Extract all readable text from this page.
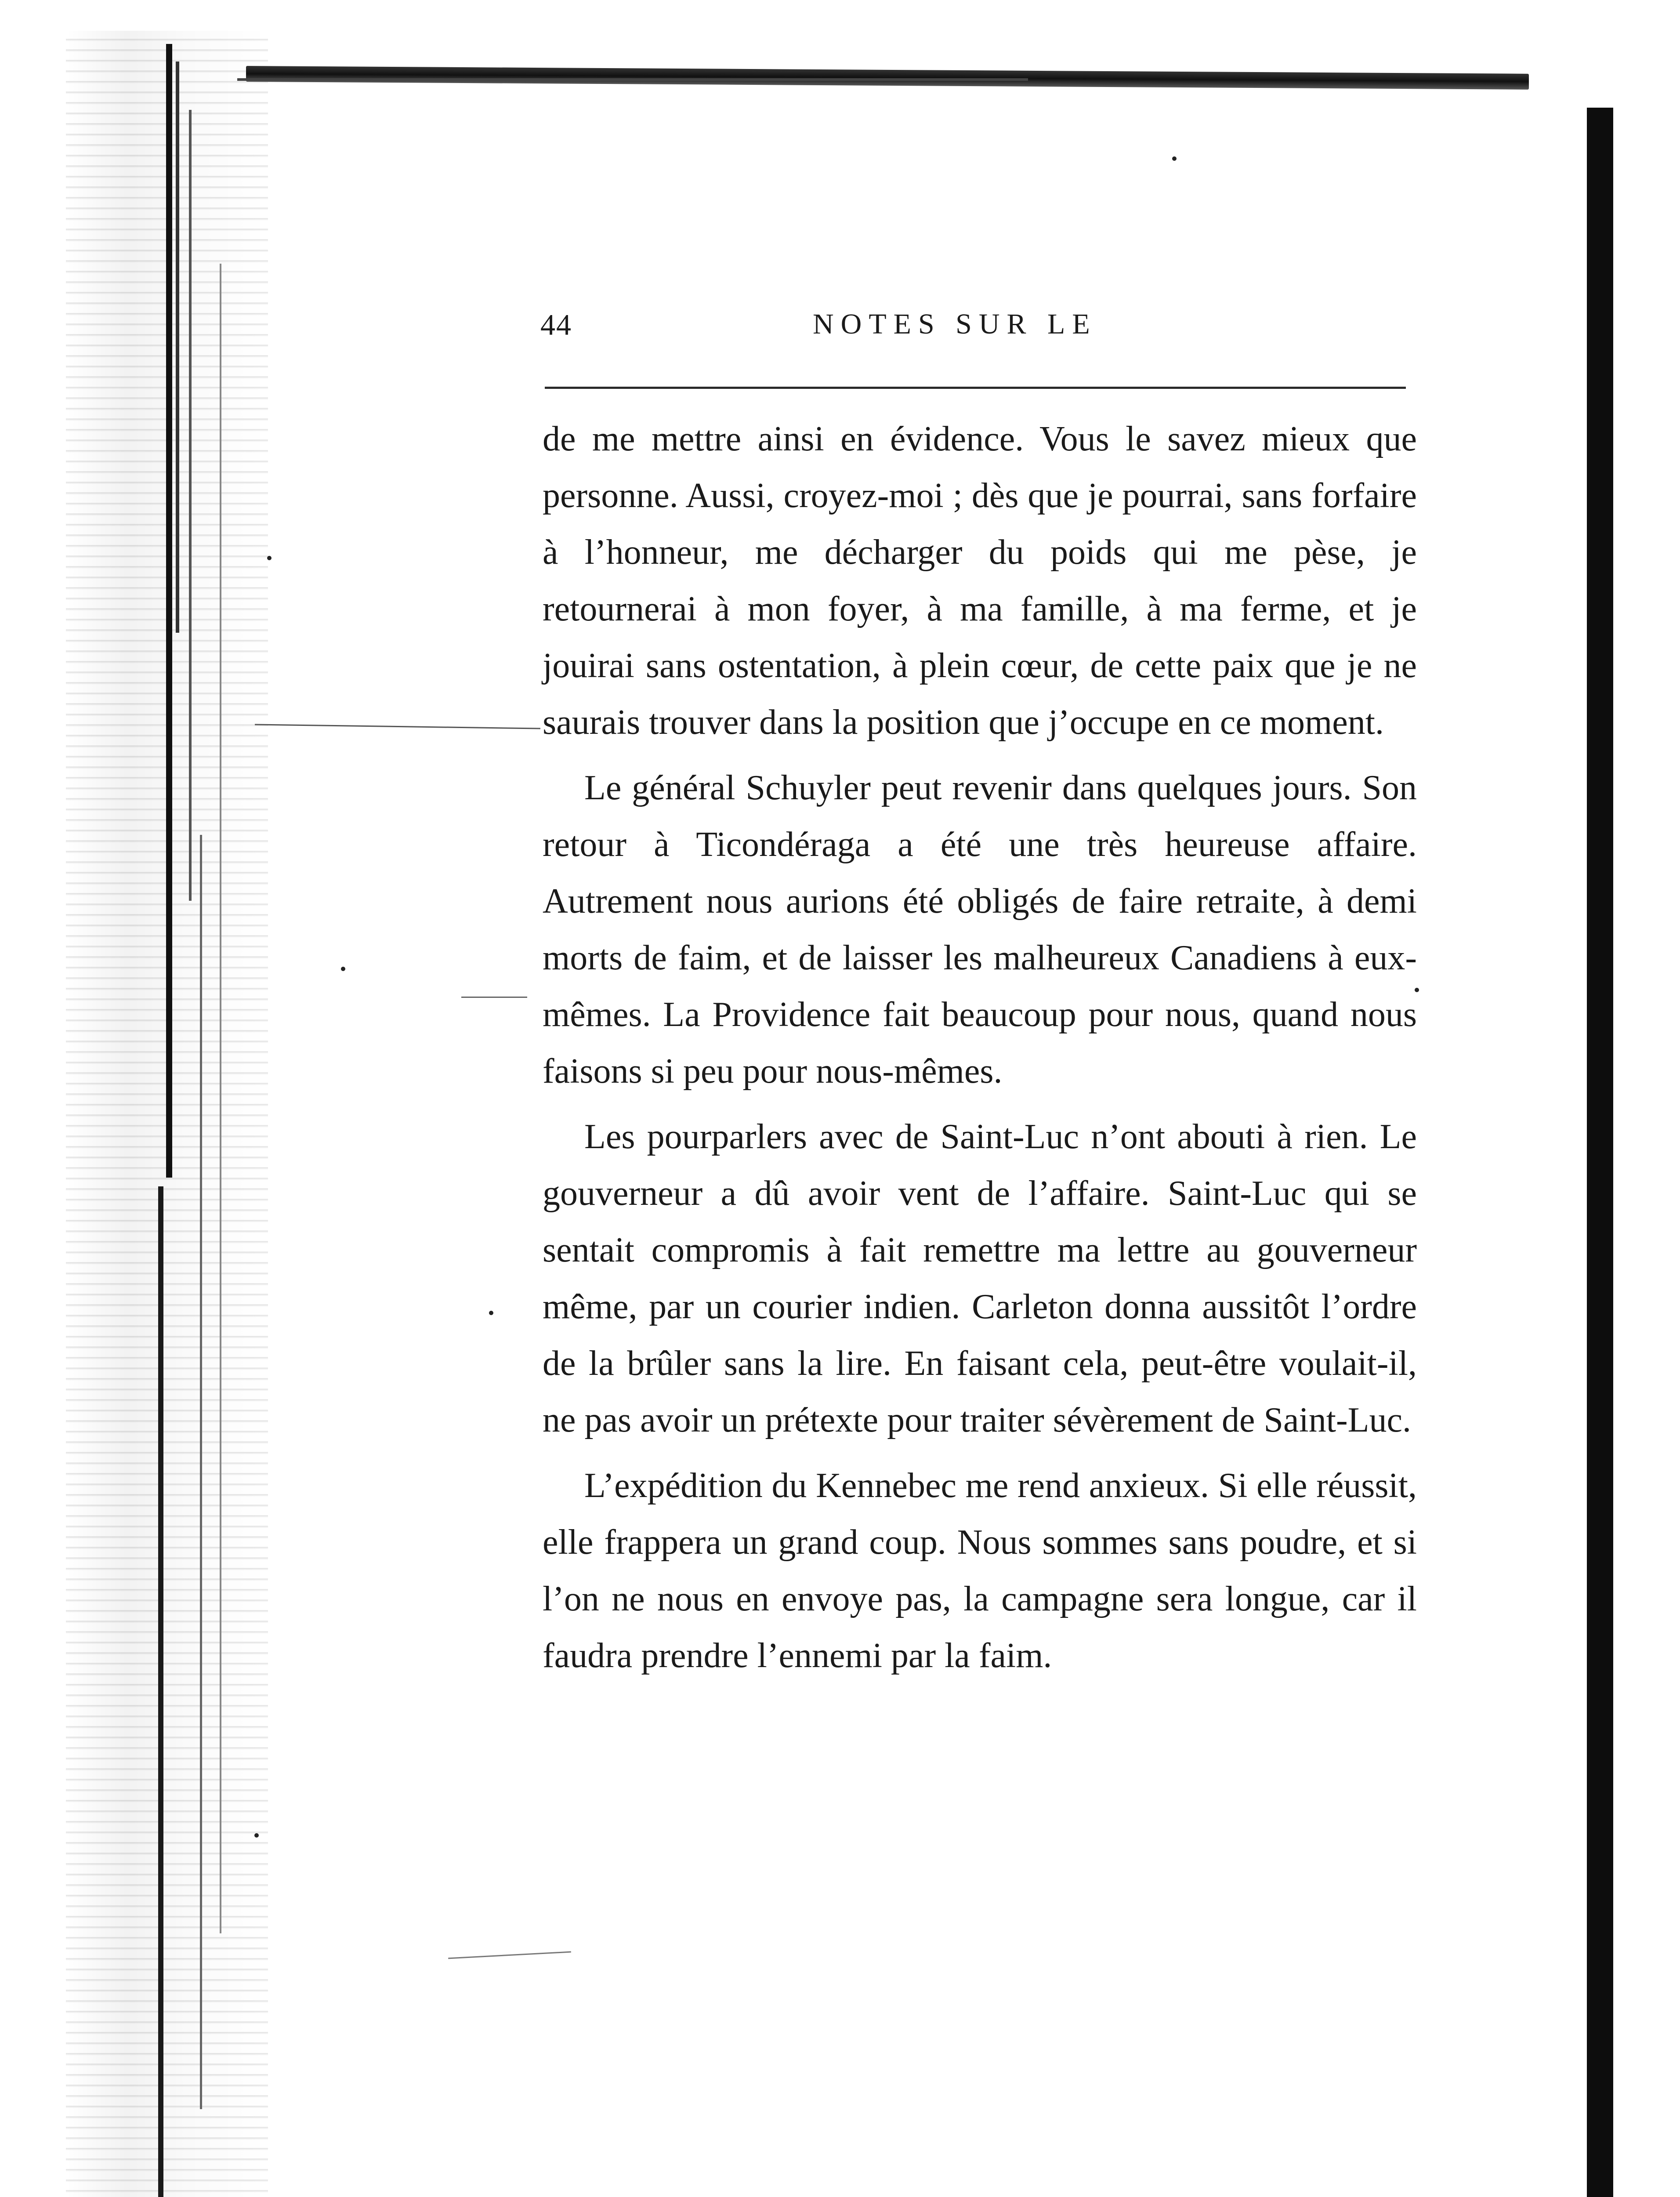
44	NOTES SUR LE

de me mettre ainsi en évidence. Vous le savez mieux que personne. Aussi, croyez-moi ; dès que je pourrai, sans forfaire à l’honneur, me décharger du poids qui me pèse, je retournerai à mon foyer, à ma famille, à ma ferme, et je jouirai sans ostentation, à plein cœur, de cette paix que je ne saurais trouver dans la position que j’occupe en ce moment.

Le général Schuyler peut revenir dans quelques jours. Son retour à Ticondéraga a été une très heureuse affaire. Autrement nous aurions été obligés de faire retraite, à demi morts de faim, et de laisser les malheureux Canadiens à eux-mêmes. La Providence fait beaucoup pour nous, quand nous faisons si peu pour nous-mêmes.

Les pourparlers avec de Saint-Luc n’ont abouti à rien. Le gouverneur a dû avoir vent de l’affaire. Saint-Luc qui se sentait compromis à fait remettre ma lettre au gouverneur même, par un courier indien. Carleton donna aussitôt l’ordre de la brûler sans la lire. En faisant cela, peut-être voulait-il, ne pas avoir un prétexte pour traiter sévèrement de Saint-Luc.

L’expédition du Kennebec me rend anxieux. Si elle réussit, elle frappera un grand coup. Nous sommes sans poudre, et si l’on ne nous en envoye pas, la campagne sera longue, car il faudra prendre l’ennemi par la faim.
